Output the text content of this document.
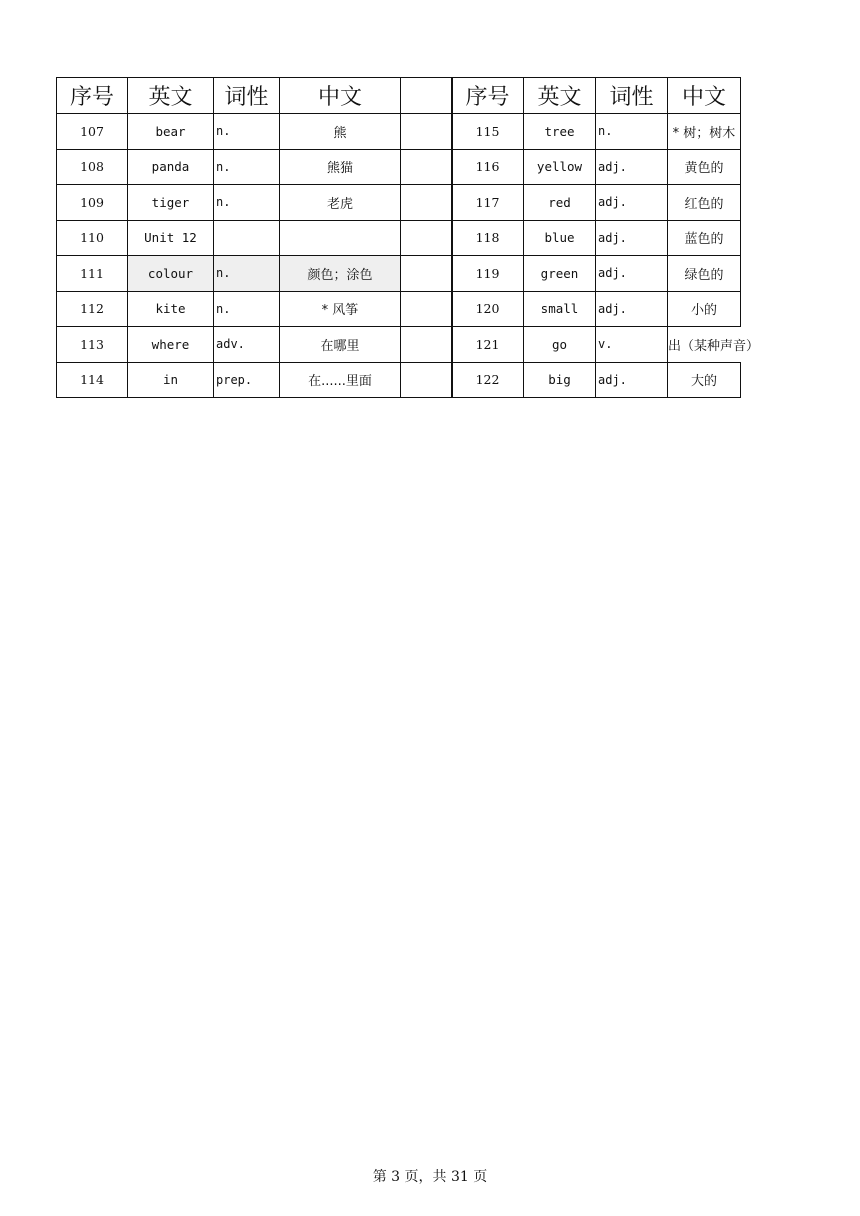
序号	英文	词性	中文	
107	bear	n.	熊	
108	panda	n.	熊猫	
109	tiger	n.	老虎	
110	Unit 12			
111	colour	n.	颜色；涂色	
112	kite	n.	* 风筝	
113	where	adv.	在哪里	
114	in	prep.	在......里面	
序号	英文	词性	中文
115	tree	n.	* 树；树木
116	yellow	adj.	黄色的
117	red	adj.	红色的
118	blue	adj.	蓝色的
119	green	adj.	绿色的
120	small	adj.	小的
121	go	v.	出（某种声音）
122	big	adj.	大的
第 3 页，共 31 页
